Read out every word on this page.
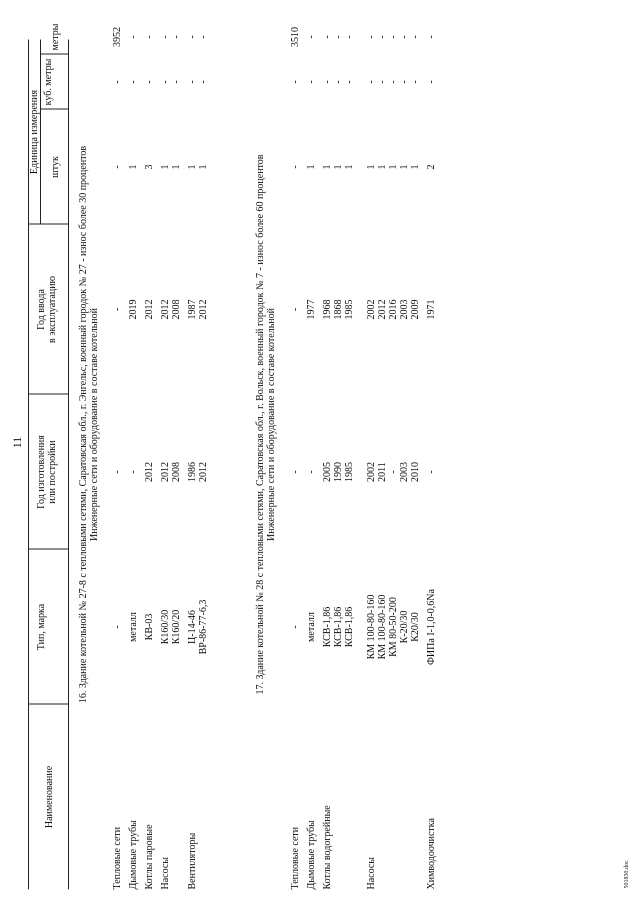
11
Наименование
Тип, марка
Год изготовления или постройки
Год ввода в эксплуатацию
Единица измерения штук
куб. метры
метры
16. Здание котельной № 27-8 с тепловыми сетями, Саратовская обл., г. Энгельс, военный городок № 27 - износ более 30 процентов Инженерные сети и оборудование в составе котельной	17. Здание котельной № 28 с тепловыми сетями, Саратовская обл., г. Вольск, военный городок № 7 - износ более 60 процентов Инженерные сети и оборудование в составе котельной
Тепловые сети
-
-
-
-
-
3952
Дымовые трубы
металл
-
2019
1
-
-
Котлы паровые
КВ-03
2012
2012
3
-
-
Насосы
К160/30
2012
2012
1
-
-
К160/20
2008
2008
1
-
-
Вентиляторы
Ц-14-46
1986
1987
1
-
-
ВР-86-77-6,3
2012
2012
1
-
-
Тепловые сети
-
-
-
-
-
3510
Дымовые трубы
металл
-
1977
1
-
-
Котлы водогрейные
КСВ-1,86
2005
1968
1
-
-
КСВ-1,86
1990
1868
1
-
-
КСВ-1,86
1985
1985
1
-
-
Насосы
КМ 100-80-160
2002
2002
1
-
-
КМ 100-80-160
2011
2012
1
-
-
КМ 80-50-200
-
2016
1
-
-
К-20/30
2003
2003
1
-
-
К20/30
2010
2009
1
-
-
Химводоочистка
ФИПа I-1,0-0,6Na
-
1971
2
-
-
501830.doc
